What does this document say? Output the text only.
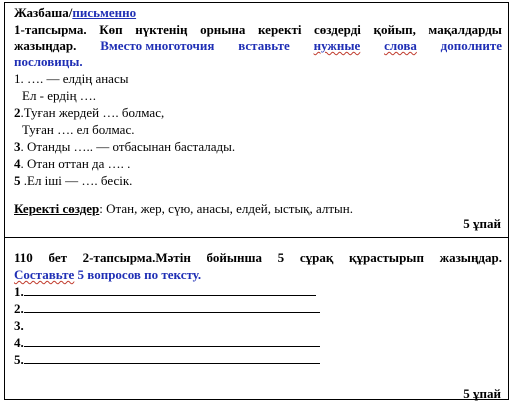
Жазбаша/письменно
1-тапсырма. Көп нүктенің орнына керекті сөздерді қойып, мақалдарды
жазыңдар. Вместо многоточия вставьте нужные слова дополните
пословицы.
1. …. — елдің анасы
Ел - ердің ….
2.Туған жердей …. болмас,
Туған …. ел болмас.
3. Отанды ….. — отбасынан басталады.
4. Отан оттан да …. .
5 .Ел іші — …. бесік.
Керекті сөздер: Отан, жер, сүю, анасы, елдей, ыстық, алтын.
5 ұпай
110 бет 2-тапсырма.Мәтін бойынша 5 сұрақ құрастырып жазыңдар.
Составьте 5 вопросов по тексту.
1.
2.
3.
4.
5.
5 ұпай
